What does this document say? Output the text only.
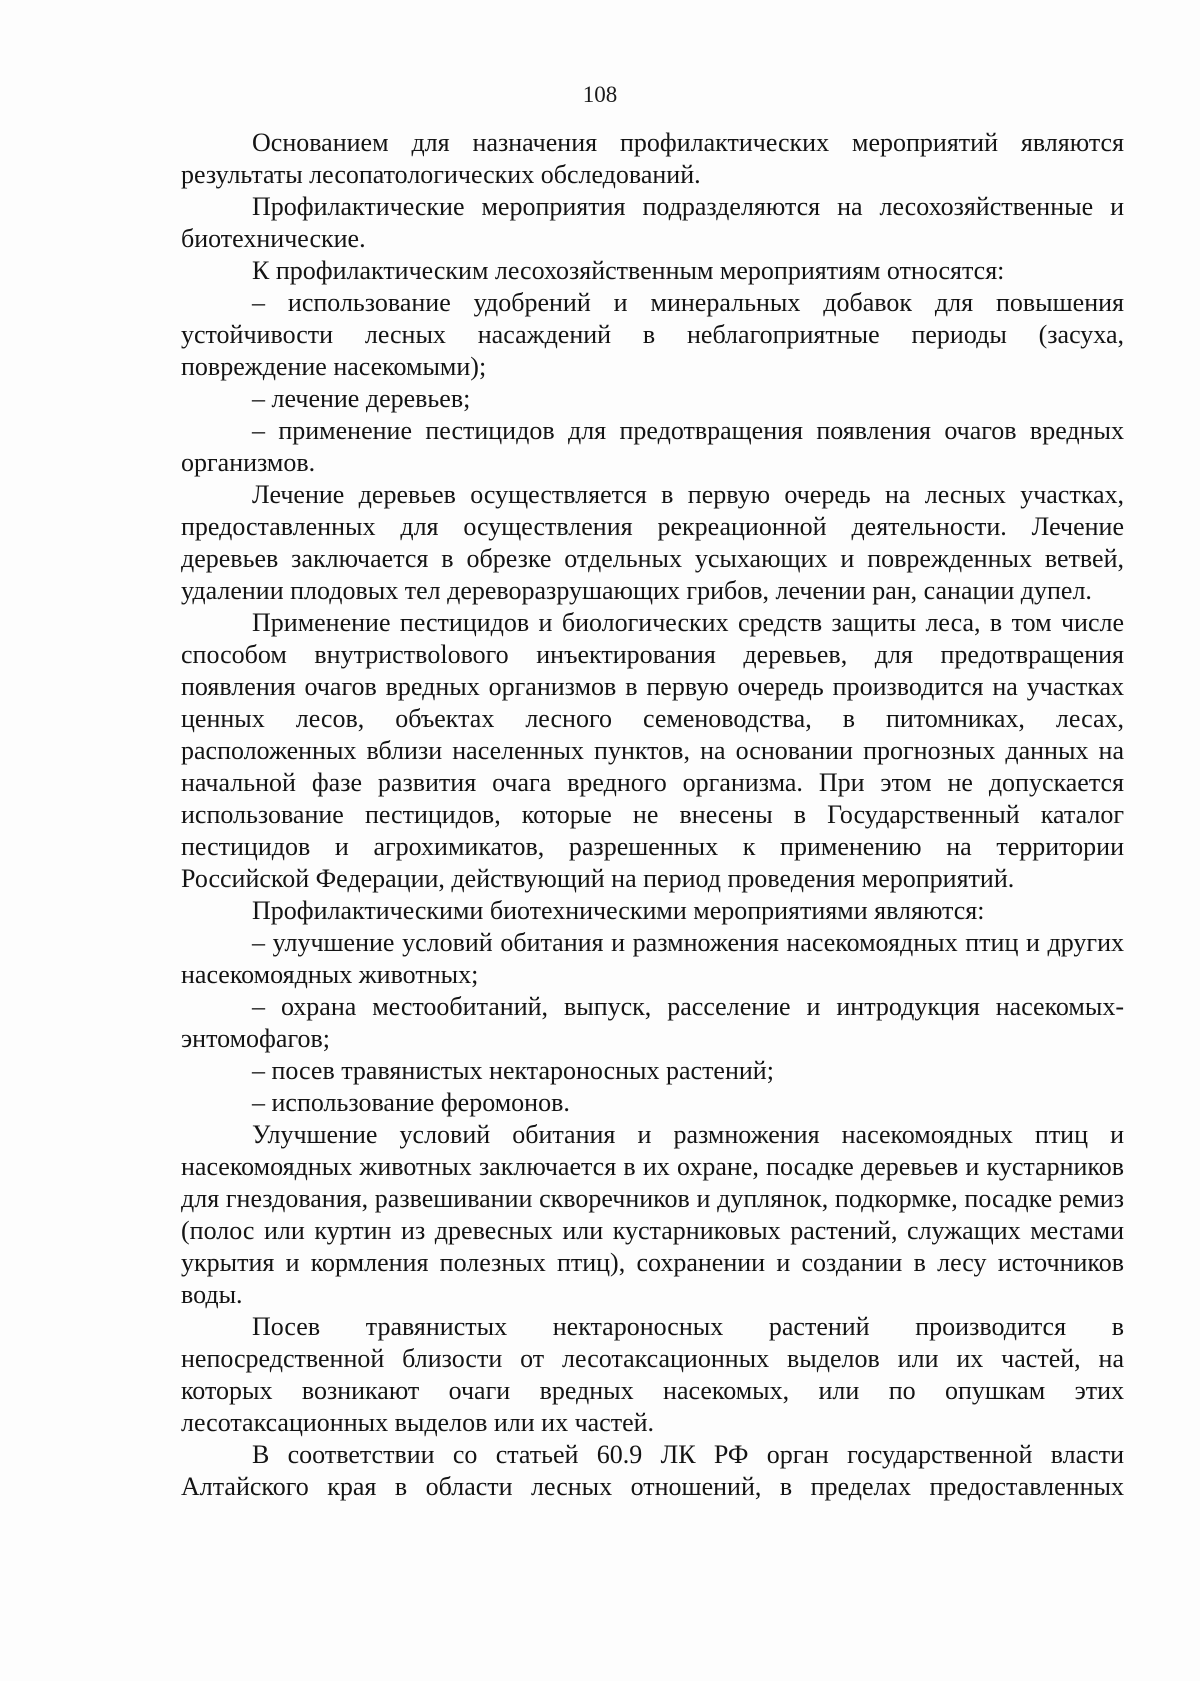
108

Основанием для назначения профилактических мероприятий являются результаты лесопатологических обследований.

Профилактические мероприятия подразделяются на лесохозяйственные и биотехнические.

К профилактическим лесохозяйственным мероприятиям относятся:

– использование удобрений и минеральных добавок для повышения устойчивости лесных насаждений в неблагоприятные периоды (засуха, повреждение насекомыми);

– лечение деревьев;

– применение пестицидов для предотвращения появления очагов вредных организмов.

Лечение деревьев осуществляется в первую очередь на лесных участках, предоставленных для осуществления рекреационной деятельности. Лечение деревьев заключается в обрезке отдельных усыхающих и поврежденных ветвей, удалении плодовых тел дереворазрушающих грибов, лечении ран, санации дупел.

Применение пестицидов и биологических средств защиты леса, в том числе способом внутриствolового инъектирования деревьев, для предотвращения появления очагов вредных организмов в первую очередь производится на участках ценных лесов, объектах лесного семеноводства, в питомниках, лесах, расположенных вблизи населенных пунктов, на основании прогнозных данных на начальной фазе развития очага вредного организма. При этом не допускается использование пестицидов, которые не внесены в Государственный каталог пестицидов и агрохимикатов, разрешенных к применению на территории Российской Федерации, действующий на период проведения мероприятий.

Профилактическими биотехническими мероприятиями являются:

– улучшение условий обитания и размножения насекомоядных птиц и других насекомоядных животных;

– охрана местообитаний, выпуск, расселение и интродукция насекомых-энтомофагов;

– посев травянистых нектароносных растений;

– использование феромонов.

Улучшение условий обитания и размножения насекомоядных птиц и насекомоядных животных заключается в их охране, посадке деревьев и кустарников для гнездования, развешивании скворечников и дуплянок, подкормке, посадке ремиз (полос или куртин из древесных или кустарниковых растений, служащих местами укрытия и кормления полезных птиц), сохранении и создании в лесу источников воды.

Посев травянистых нектароносных растений производится в непосредственной близости от лесотаксационных выделов или их частей, на которых возникают очаги вредных насекомых, или по опушкам этих лесотаксационных выделов или их частей.

В соответствии со статьей 60.9 ЛК РФ орган государственной власти Алтайского края в области лесных отношений, в пределах предоставленных
